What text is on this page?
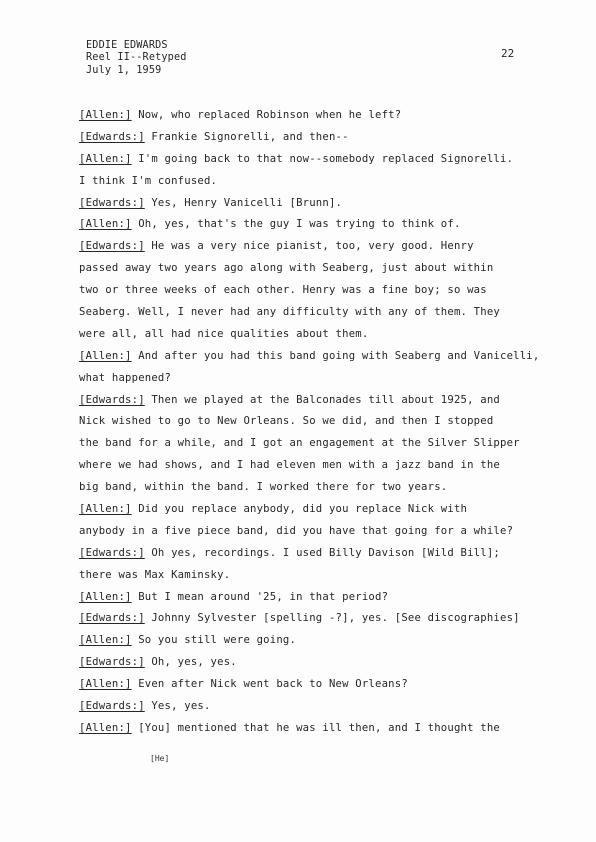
EDDIE EDWARDS
Reel II--Retyped
July 1, 1959
22
[Allen:] Now, who replaced Robinson when he left?
[Edwards:] Frankie Signorelli, and then--
[Allen:] I'm going back to that now--somebody replaced Signorelli.
I think I'm confused.
[Edwards:] Yes, Henry Vanicelli [Brunn].
[Allen:] Oh, yes, that's the guy I was trying to think of.
[Edwards:] He was a very nice pianist, too, very good. Henry
passed away two years ago along with Seaberg, just about within
two or three weeks of each other. Henry was a fine boy; so was
Seaberg. Well, I never had any difficulty with any of them. They
were all, all had nice qualities about them.
[Allen:] And after you had this band going with Seaberg and Vanicelli,
what happened?
[Edwards:] Then we played at the Balconades till about 1925, and
Nick wished to go to New Orleans. So we did, and then I stopped
the band for a while, and I got an engagement at the Silver Slipper
where we had shows, and I had eleven men with a jazz band in the
big band, within the band. I worked there for two years.
[Allen:] Did you replace anybody, did you replace Nick with
anybody in a five piece band, did you have that going for a while?
[Edwards:] Oh yes, recordings. I used Billy Davison [Wild Bill];
there was Max Kaminsky.
[Allen:] But I mean around '25, in that period?
[Edwards:] Johnny Sylvester [spelling -?], yes. [See discographies]
[Allen:] So you still were going.
[Edwards:] Oh, yes, yes.
[Allen:] Even after Nick went back to New Orleans?
[Edwards:] Yes, yes.
[Allen:] [You] mentioned that he was ill then, and I thought the
[He]
